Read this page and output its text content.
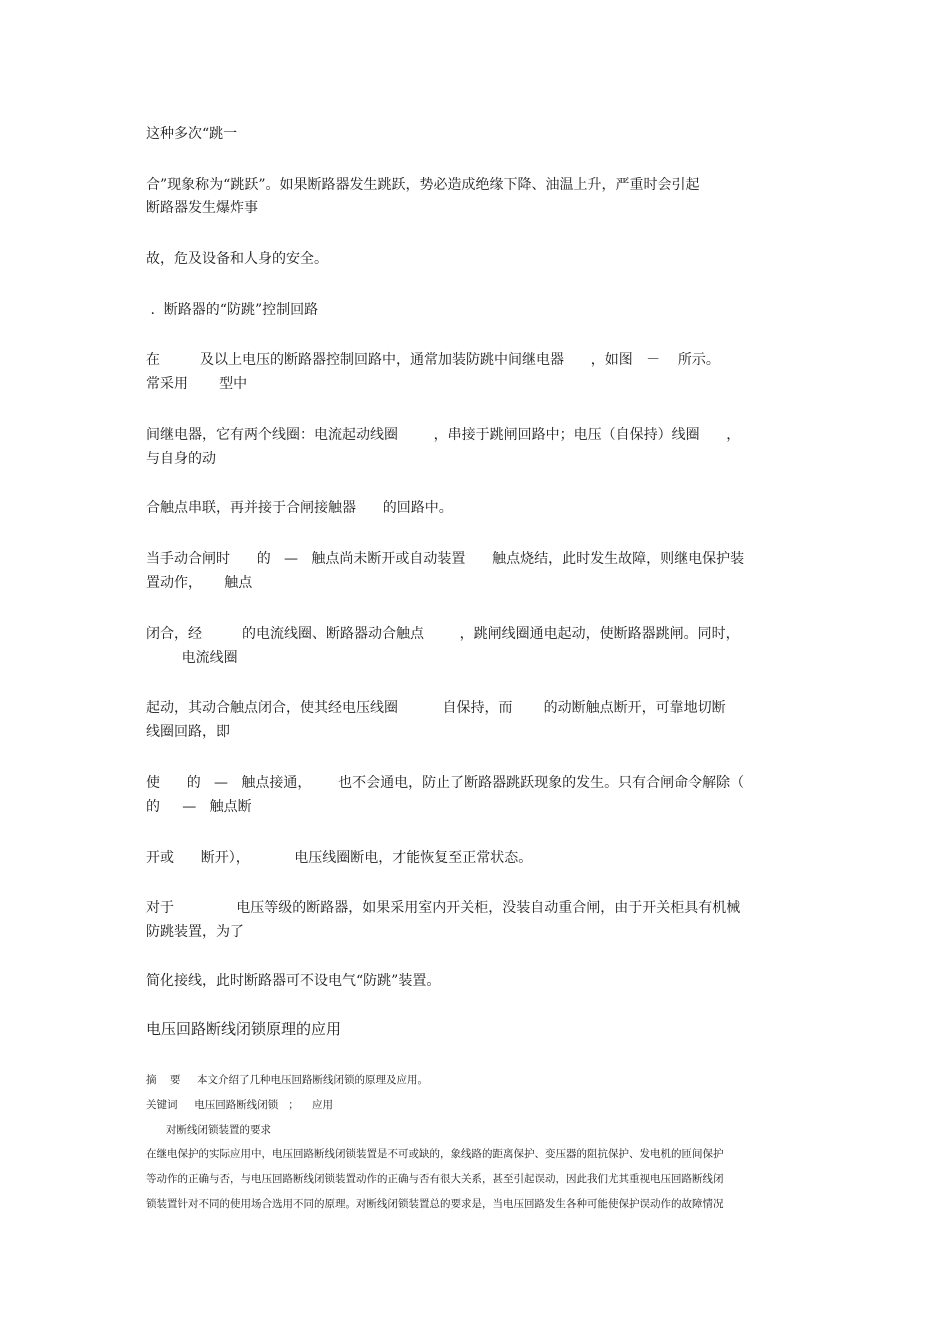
这种多次“跳一
合”现象称为“跳跃”。如果断路器发生跳跃，势必造成绝缘下降、油温上升，严重时会引起
断路器发生爆炸事
故，危及设备和人身的安全。
.  断路器的“防跳”控制回路
在         及以上电压的断路器控制回路中，通常加装防跳中间继电器      ，如图   －    所示。
常采用       型中
间继电器，它有两个线圈：电流起动线圈        ，串接于跳闸回路中；电压（自保持）线圈      ，
与自身的动
合触点串联，再并接于合闸接触器      的回路中。
当手动合闸时      的   —   触点尚未断开或自动装置      触点烧结，此时发生故障，则继电保护装
置动作，     触点
闭合，经         的电流线圈、断路器动合触点        ，跳闸线圈通电起动，使断路器跳闸。同时，
电流线圈
起动，其动合触点闭合，使其经电压线圈          自保持，而       的动断触点断开，可靠地切断
线圈回路，即
使      的   —   触点接通，      也不会通电，防止了断路器跳跃现象的发生。只有合闸命令解除（
的     —   触点断
开或      断开），          电压线圈断电，才能恢复至正常状态。
对于              电压等级的断路器，如果采用室内开关柜，没装自动重合闸，由于开关柜具有机械
防跳装置，为了
简化接线，此时断路器可不设电气“防跳”装置。
电压回路断线闭锁原理的应用
摘    要     本文介绍了几种电压回路断线闭锁的原理及应用。
关键词     电压回路断线闭锁   ；    应用
对断线闭锁装置的要求
在继电保护的实际应用中，电压回路断线闭锁装置是不可或缺的，象线路的距离保护、变压器的阻抗保护、发电机的匝间保护
等动作的正确与否，与电压回路断线闭锁装置动作的正确与否有很大关系，甚至引起误动，因此我们尤其重视电压回路断线闭
锁装置针对不同的使用场合选用不同的原理。对断线闭锁装置总的要求是，当电压回路发生各种可能使保护误动作的故障情况
